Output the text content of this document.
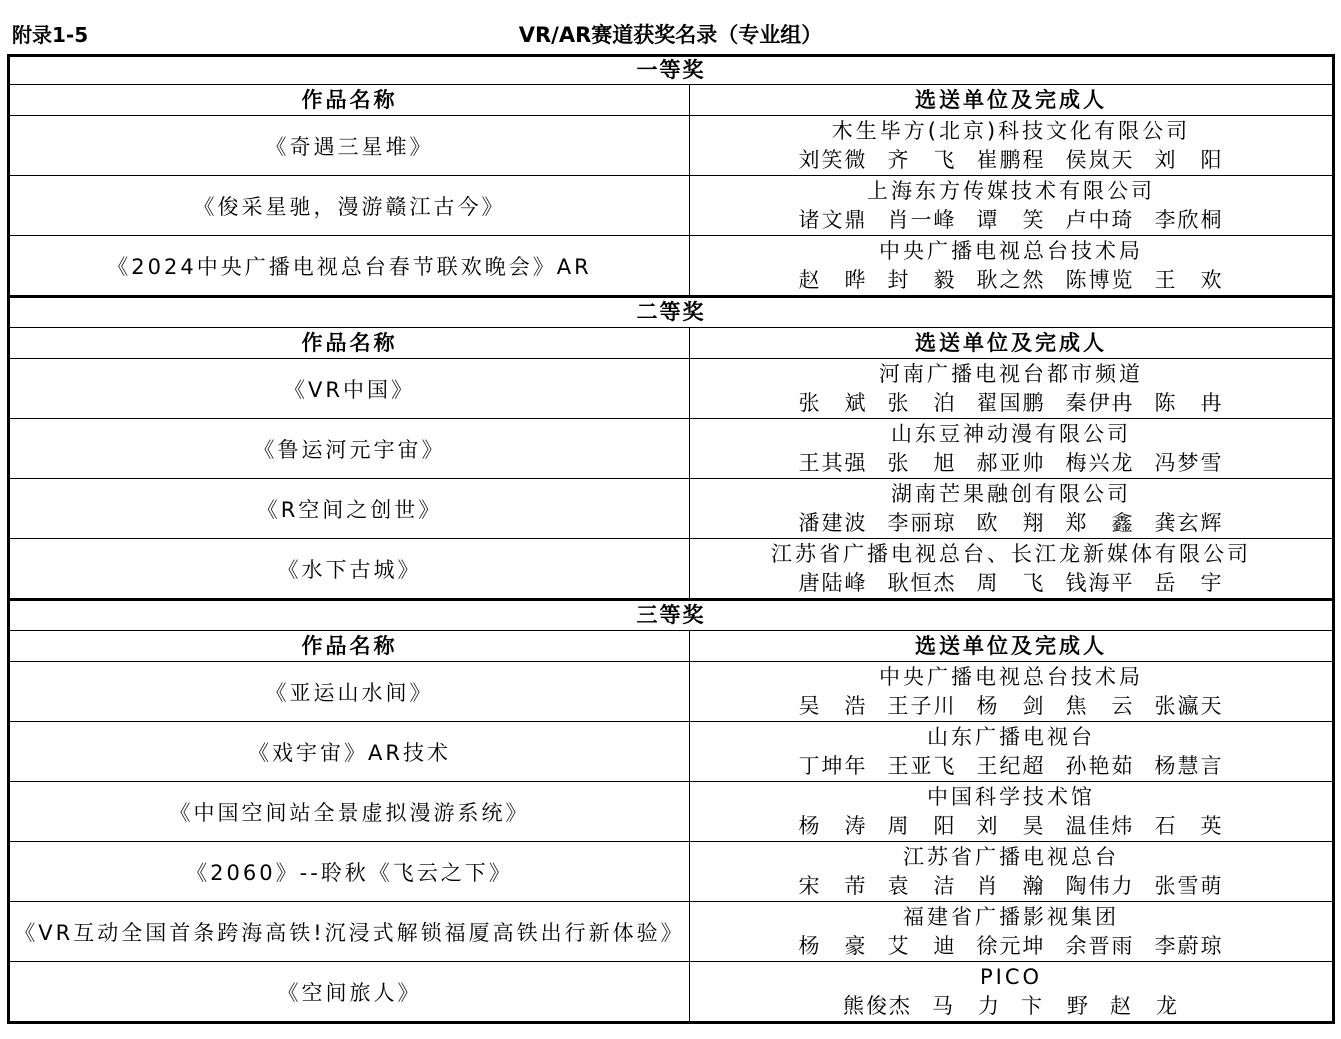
附录1-5	VR/AR赛道获奖名录（专业组）
一等奖	
作品名称	选送单位及完成人
《奇遇三星堆》	木生毕方(北京)科技文化有限公司
刘笑微 齐　飞 崔鹏程 侯岚天 刘　阳

《俊采星驰，漫游赣江古今》	上海东方传媒技术有限公司
诸文鼎 肖一峰 谭　笑 卢中琦 李欣桐

《2024中央广播电视总台春节联欢晚会》AR	中央广播电视总台技术局
赵　晔 封　毅 耿之然 陈博览 王　欢

二等奖	
作品名称	选送单位及完成人
《VR中国》	河南广播电视台都市频道
张　斌 张　泊 翟国鹏 秦伊冉 陈　冉

《鲁运河元宇宙》	山东豆神动漫有限公司
王其强 张　旭 郝亚帅 梅兴龙 冯梦雪

《R空间之创世》	湖南芒果融创有限公司
潘建波 李丽琼 欧　翔 郑　鑫 龚玄辉

《水下古城》	江苏省广播电视总台、长江龙新媒体有限公司
唐陆峰 耿恒杰 周　飞 钱海平 岳　宇

三等奖	
作品名称	选送单位及完成人
《亚运山水间》	中央广播电视总台技术局
吴　浩 王子川 杨　剑 焦　云 张瀛天

《戏宇宙》AR技术	山东广播电视台
丁坤年 王亚飞 王纪超 孙艳茹 杨慧言

《中国空间站全景虚拟漫游系统》	中国科学技术馆
杨　涛 周　阳 刘　昊 温佳炜 石　英

《2060》--聆秋《飞云之下》	江苏省广播电视总台
宋　芾 袁　洁 肖　瀚 陶伟力 张雪萌

《VR互动全国首条跨海高铁!沉浸式解锁福厦高铁出行新体验》	福建省广播影视集团
杨　豪 艾　迪 徐元坤 余晋雨 李蔚琼

《空间旅人》	PICO
熊俊杰 马　力 卞　野 赵　龙
